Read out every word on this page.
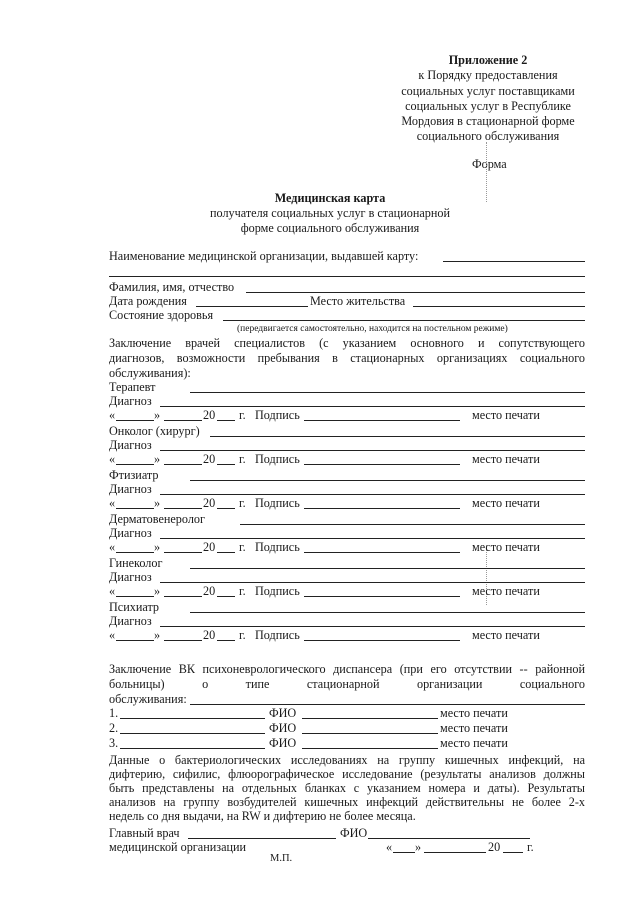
Приложение 2
к Порядку предоставления
социальных услуг поставщиками
социальных услуг в Республике
Мордовия в стационарной форме
социального обслуживания
Форма
Медицинская карта
получателя социальных услуг в стационарной
форме социального обслуживания
Наименование медицинской организации, выдавшей карту:
Фамилия, имя, отчество
Дата рождения	Место жительства
Состояние здоровья
(передвигается самостоятельно, находится на постельном режиме)
Заключение врачей специалистов (с указанием основного и сопутствующего
диагнозов, возможности пребывания в стационарных организациях социального
обслуживания):
Терапевт
Диагноз
«	»	20 г. Подпись	место печати
Онколог (хирург)
Диагноз
«	»	20 г. Подпись	место печати
Фтизиатр
Диагноз
«	»	20 г. Подпись	место печати
Дерматовенеролог
Диагноз
«	»	20 г. Подпись	место печати
Гинеколог
Диагноз
«	»	20 г. Подпись	место печати
Психиатр
Диагноз
«	»	20 г. Подпись	место печати
Заключение ВК психоневрологического диспансера (при его отсутствии -- районной
больницы) о типе стационарной организации социального
обслуживания:
1.	ФИО	место печати
2.	ФИО	место печати
3.	ФИО	место печати
Данные о бактериологических исследованиях на группу кишечных инфекций, на
дифтерию, сифилис, флюорографическое исследование (результаты анализов должны
быть представлены на отдельных бланках с указанием номера и даты). Результаты
анализов на группу возбудителей кишечных инфекций действительны не более 2-х
недель со дня выдачи, на RW и дифтерию не более месяца.
Главный врач	ФИО
медицинской организации	« »	20 г.
М.П.
